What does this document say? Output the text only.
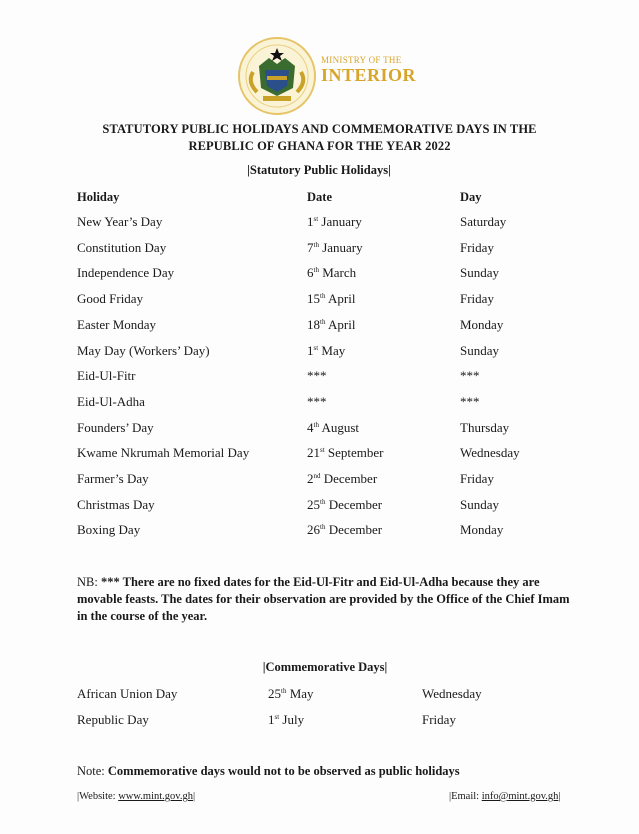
MINISTRY OF THE
INTERIOR
STATUTORY PUBLIC HOLIDAYS AND COMMEMORATIVE DAYS IN THE
REPUBLIC OF GHANA FOR THE YEAR 2022
|Statutory Public Holidays|
Holiday	Date	Day
New Year’s Day	1st January	Saturday
Constitution Day	7th January	Friday
Independence Day	6th March	Sunday
Good Friday	15th April	Friday
Easter Monday	18th April	Monday
May Day (Workers’ Day)	1st May	Sunday
Eid-Ul-Fitr	***	***
Eid-Ul-Adha	***	***
Founders’ Day	4th August	Thursday
Kwame Nkrumah Memorial Day	21st September	Wednesday
Farmer’s Day	2nd December	Friday
Christmas Day	25th December	Sunday
Boxing Day	26th December	Monday
NB: *** There are no fixed dates for the Eid-Ul-Fitr and Eid-Ul-Adha because they are movable feasts. The dates for their observation are provided by the Office of the Chief Imam in the course of the year.
|Commemorative Days|
African Union Day	25th May	Wednesday
Republic Day	1st July	Friday
Note: Commemorative days would not to be observed as public holidays
|Website: www.mint.gov.gh|	|Email: info@mint.gov.gh|
